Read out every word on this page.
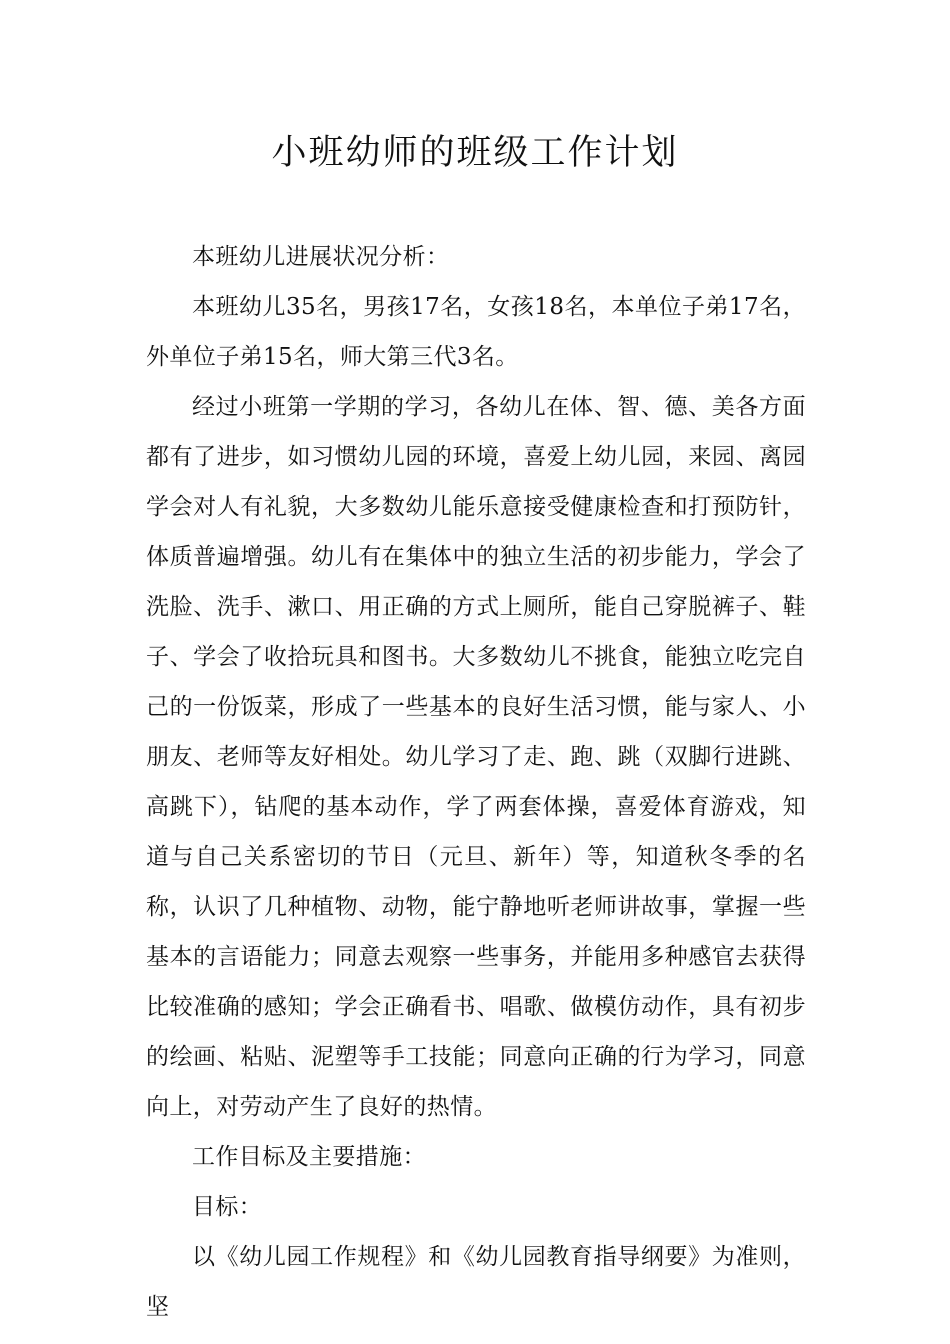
小班幼师的班级工作计划

本班幼儿进展状况分析：

本班幼儿35名，男孩17名，女孩18名，本单位子弟17名，外单位子弟15名，师大第三代3名。

经过小班第一学期的学习，各幼儿在体、智、德、美各方面都有了进步，如习惯幼儿园的环境，喜爱上幼儿园，来园、离园学会对人有礼貌，大多数幼儿能乐意接受健康检查和打预防针，体质普遍增强。幼儿有在集体中的独立生活的初步能力，学会了洗脸、洗手、漱口、用正确的方式上厕所，能自己穿脱裤子、鞋子、学会了收拾玩具和图书。大多数幼儿不挑食，能独立吃完自己的一份饭菜，形成了一些基本的良好生活习惯，能与家人、小朋友、老师等友好相处。幼儿学习了走、跑、跳（双脚行进跳、高跳下），钻爬的基本动作，学了两套体操，喜爱体育游戏，知道与自己关系密切的节日（元旦、新年）等，知道秋冬季的名称，认识了几种植物、动物，能宁静地听老师讲故事，掌握一些基本的言语能力；同意去观察一些事务，并能用多种感官去获得比较准确的感知；学会正确看书、唱歌、做模仿动作，具有初步的绘画、粘贴、泥塑等手工技能；同意向正确的行为学习，同意向上，对劳动产生了良好的热情。

工作目标及主要措施：

目标：

以《幼儿园工作规程》和《幼儿园教育指导纲要》为准则，坚
